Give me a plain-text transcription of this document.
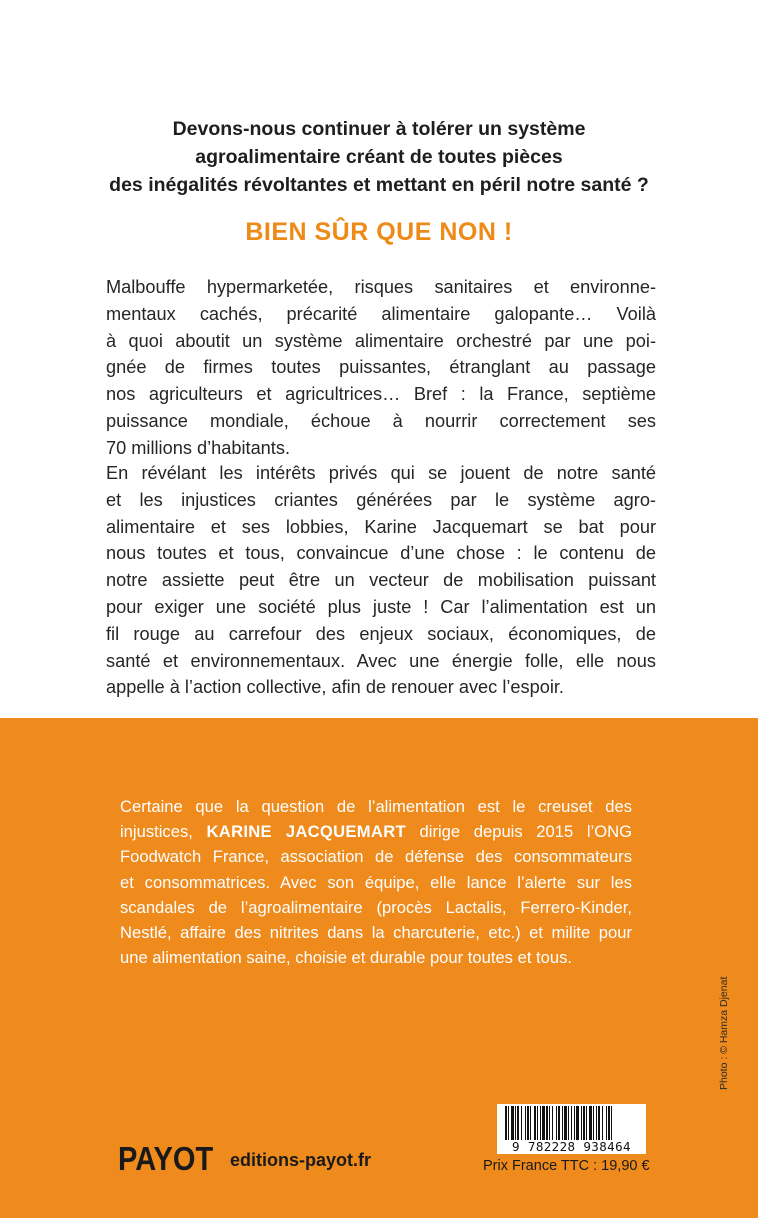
Devons-nous continuer à tolérer un système
agroalimentaire créant de toutes pièces
des inégalités révoltantes et mettant en péril notre santé ?
BIEN SÛR QUE NON !
Malbouffe hypermarketée, risques sanitaires et environne-
mentaux cachés, précarité alimentaire galopante… Voilà
à quoi aboutit un système alimentaire orchestré par une poi-
gnée de firmes toutes puissantes, étranglant au passage
nos agriculteurs et agricultrices… Bref : la France, septième
puissance mondiale, échoue à nourrir correctement ses
70 millions d’habitants.
En révélant les intérêts privés qui se jouent de notre santé
et les injustices criantes générées par le système agro-
alimentaire et ses lobbies, Karine Jacquemart se bat pour
nous toutes et tous, convaincue d’une chose : le contenu de
notre assiette peut être un vecteur de mobilisation puissant
pour exiger une société plus juste ! Car l’alimentation est un
fil rouge au carrefour des enjeux sociaux, économiques, de
santé et environnementaux. Avec une énergie folle, elle nous
appelle à l’action collective, afin de renouer avec l’espoir.
Certaine que la question de l’alimentation est le creuset des
injustices, KARINE JACQUEMART dirige depuis 2015 l’ONG
Foodwatch France, association de défense des consommateurs
et consommatrices. Avec son équipe, elle lance l’alerte sur les
scandales de l’agroalimentaire (procès Lactalis, Ferrero-Kinder,
Nestlé, affaire des nitrites dans la charcuterie, etc.) et milite pour
une alimentation saine, choisie et durable pour toutes et tous.
PAYOT editions-payot.fr
9 782228 938464
Prix France TTC : 19,90 €
